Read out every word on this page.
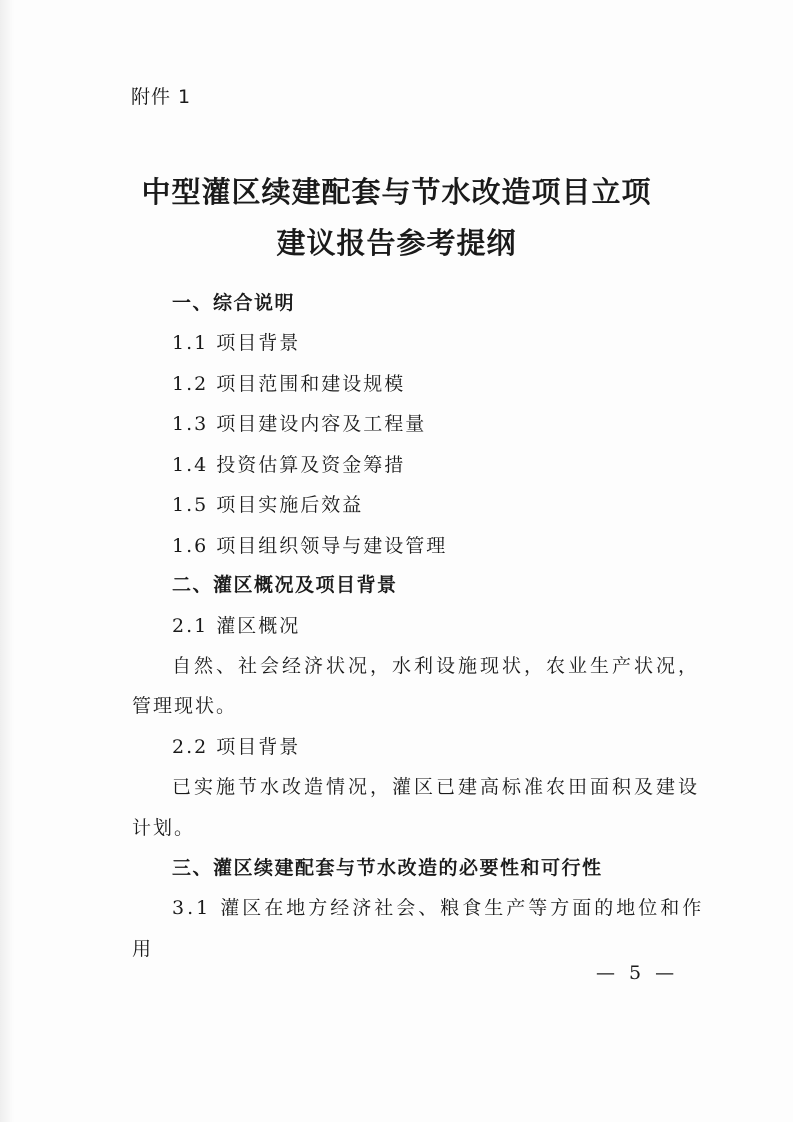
附件 1
中型灌区续建配套与节水改造项目立项
建议报告参考提纲
一、综合说明
1.1 项目背景
1.2 项目范围和建设规模
1.3 项目建设内容及工程量
1.4 投资估算及资金筹措
1.5 项目实施后效益
1.6 项目组织领导与建设管理
二、灌区概况及项目背景
2.1 灌区概况
自然、社会经济状况，水利设施现状，农业生产状况，
管理现状。
2.2 项目背景
已实施节水改造情况，灌区已建高标准农田面积及建设
计划。
三、灌区续建配套与节水改造的必要性和可行性
3.1 灌区在地方经济社会、粮食生产等方面的地位和作
用
— 5 —
